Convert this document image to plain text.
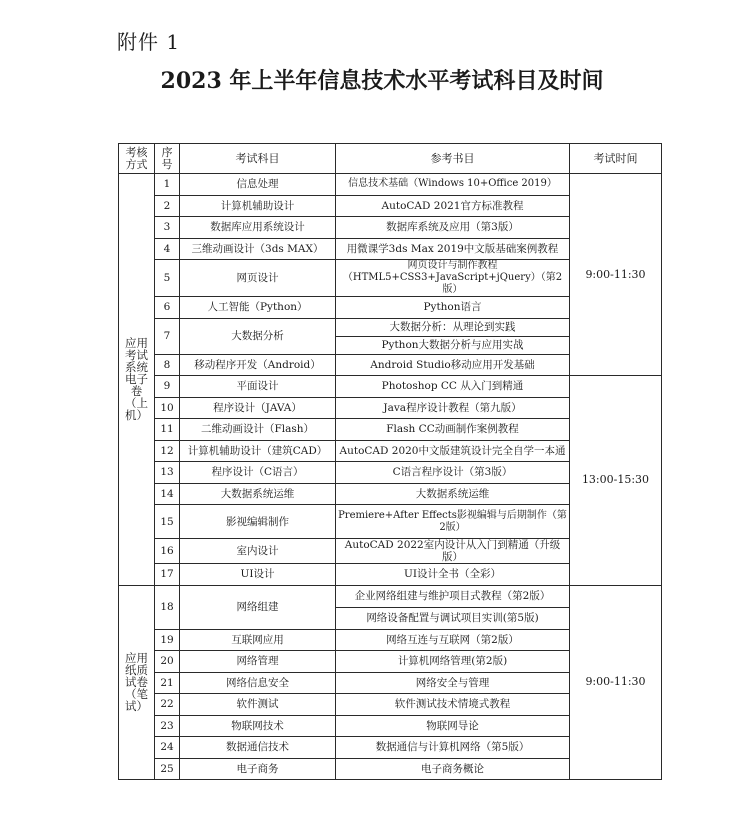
附件 1
2023 年上半年信息技术水平考试科目及时间
考核方式	序号	考试科目	参考书目	考试时间
应用考试系统电子卷（上机）	1	信息处理	信息技术基础（Windows 10+Office 2019）	9:00-11:30
	2	计算机辅助设计	AutoCAD 2021官方标准教程	
	3	数据库应用系统设计	数据库系统及应用（第3版）	
	4	三维动画设计（3ds MAX）	用微课学3ds Max 2019中文版基础案例教程	
	5	网页设计	网页设计与制作教程（HTML5+CSS3+JavaScript+jQuery）（第2版）	
	6	人工智能（Python）	Python语言	
	7	大数据分析	大数据分析：从理论到实践	
			Python大数据分析与应用实战	
	8	移动程序开发（Android）	Android Studio移动应用开发基础	
	9	平面设计	Photoshop CC 从入门到精通	13:00-15:30
	10	程序设计（JAVA）	Java程序设计教程（第九版）	
	11	二维动画设计（Flash）	Flash CC动画制作案例教程	
	12	计算机辅助设计（建筑CAD）	AutoCAD 2020中文版建筑设计完全自学一本通	
	13	程序设计（C语言）	C语言程序设计（第3版）	
	14	大数据系统运维	大数据系统运维	
	15	影视编辑制作	Premiere+After Effects影视编辑与后期制作（第2版）	
	16	室内设计	AutoCAD 2022室内设计从入门到精通（升级版）	
	17	UI设计	UI设计全书（全彩）	
应用纸质试卷（笔试）	18	网络组建	企业网络组建与维护项目式教程（第2版）	9:00-11:30
			网络设备配置与调试项目实训(第5版)	
	19	互联网应用	网络互连与互联网（第2版）	
	20	网络管理	计算机网络管理(第2版)	
	21	网络信息安全	网络安全与管理	
	22	软件测试	软件测试技术情境式教程	
	23	物联网技术	物联网导论	
	24	数据通信技术	数据通信与计算机网络（第5版）	
	25	电子商务	电子商务概论	
